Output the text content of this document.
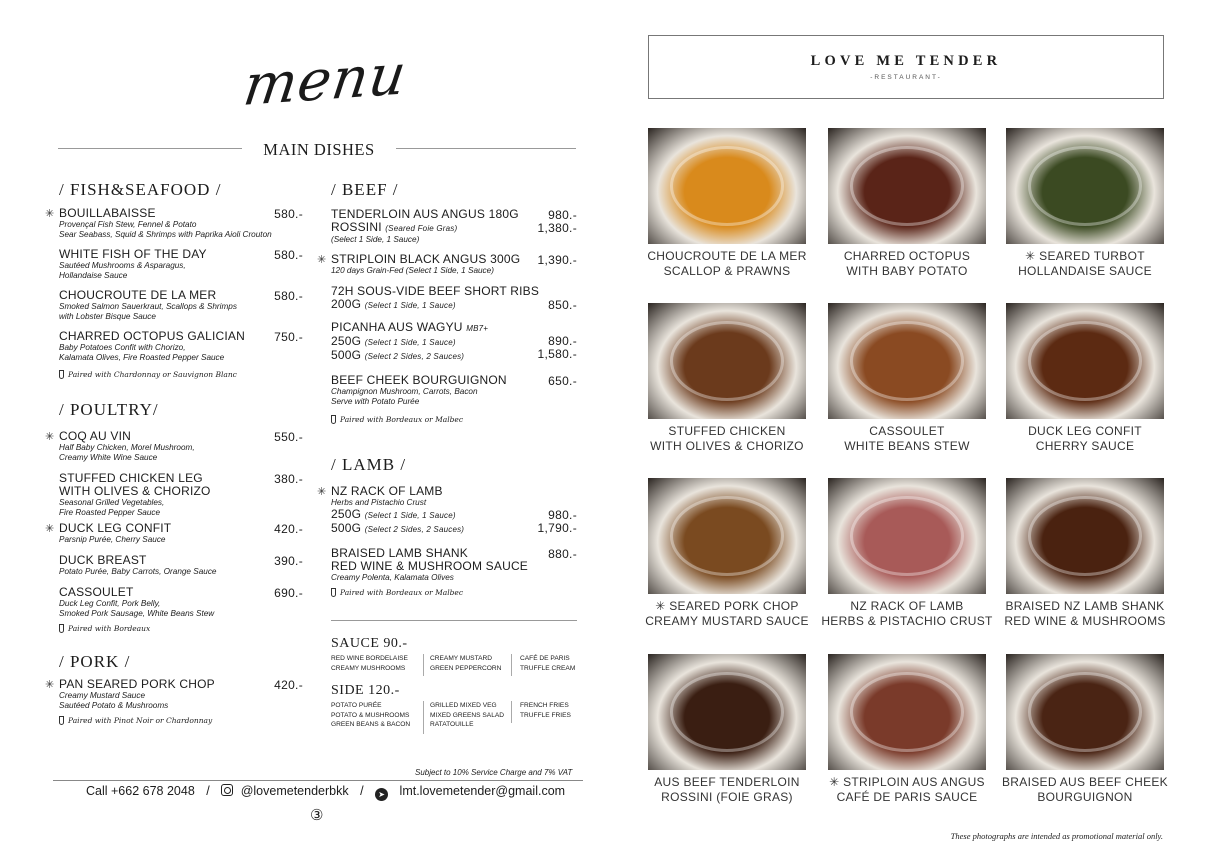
menu
MAIN DISHES
/ FISH&SEAFOOD /
✳ BOUILLABAISSE
Provençal Fish Stew, Fennel & Potato
Sear Seabass, Squid & Shrimps with Paprika Aioli Crouton
580.-
WHITE FISH OF THE DAY
Sautéed Mushrooms & Asparagus,
Hollandaise Sauce
580.-
CHOUCROUTE DE LA MER
Smoked Salmon Sauerkraut, Scallops & Shrimps
with Lobster Bisque Sauce
580.-
CHARRED OCTOPUS GALICIAN
Baby Potatoes Confit with Chorizo,
Kalamata Olives, Fire Roasted Pepper Sauce
750.-
Paired with Chardonnay or Sauvignon Blanc
/ POULTRY/
✳ COQ AU VIN
Half Baby Chicken, Morel Mushroom,
Creamy White Wine Sauce
550.-
STUFFED CHICKEN LEG
WITH OLIVES & CHORIZO
Seasonal Grilled Vegetables,
Fire Roasted Pepper Sauce
380.-
✳ DUCK LEG CONFIT
Parsnip Purée, Cherry Sauce
420.-
DUCK BREAST
Potato Purée, Baby Carrots, Orange Sauce
390.-
CASSOULET
Duck Leg Confit, Pork Belly,
Smoked Pork Sausage, White Beans Stew
690.-
Paired with Bordeaux
/ PORK /
✳ PAN SEARED PORK CHOP
Creamy Mustard Sauce
Sautéed Potato & Mushrooms
420.-
Paired with Pinot Noir or Chardonnay
/ BEEF /
TENDERLOIN AUS ANGUS 180G
ROSSINI (Seared Foie Gras)
(Select 1 Side, 1 Sauce)
980.-
1,380.-
✳ STRIPLOIN BLACK ANGUS 300G
120 days Grain-Fed (Select 1 Side, 1 Sauce)
1,390.-
72H SOUS-VIDE BEEF SHORT RIBS
200G (Select 1 Side, 1 Sauce)	850.-
PICANHA AUS WAGYU MB7+
250G (Select 1 Side, 1 Sauce)
500G (Select 2 Sides, 2 Sauces)
890.-
1,580.-
BEEF CHEEK BOURGUIGNON
Champignon Mushroom, Carrots, Bacon
Serve with Potato Purée
650.-
Paired with Bordeaux or Malbec
/ LAMB /
✳ NZ RACK OF LAMB
Herbs and Pistachio Crust
250G (Select 1 Side, 1 Sauce)
500G (Select 2 Sides, 2 Sauces)
980.-
1,790.-
BRAISED LAMB SHANK
RED WINE & MUSHROOM SAUCE
Creamy Polenta, Kalamata Olives
880.-
Paired with Bordeaux or Malbec
SAUCE 90.-
RED WINE BORDELAISE
CREAMY MUSHROOMS
CREAMY MUSTARD
GREEN PEPPERCORN
CAFÉ DE PARIS
TRUFFLE CREAM
SIDE 120.-
POTATO PURÉE
POTATO & MUSHROOMS
GREEN BEANS & BACON
GRILLED MIXED VEG
MIXED GREENS SALAD
RATATOUILLE
FRENCH FRIES
TRUFFLE FRIES
Subject to 10% Service Charge and 7% VAT
Call +662 678 2048 / @lovemetenderbkk / ➤ lmt.lovemetender@gmail.com
③
LOVE ME TENDER
-RESTAURANT-
CHOUCROUTE DE LA MER
SCALLOP & PRAWNS
CHARRED OCTOPUS
WITH BABY POTATO
✳ SEARED TURBOT
HOLLANDAISE SAUCE
STUFFED CHICKEN
WITH OLIVES & CHORIZO
CASSOULET
WHITE BEANS STEW
DUCK LEG CONFIT
CHERRY SAUCE
✳ SEARED PORK CHOP
CREAMY MUSTARD SAUCE
NZ RACK OF LAMB
HERBS & PISTACHIO CRUST
BRAISED NZ LAMB SHANK
RED WINE & MUSHROOMS
AUS BEEF TENDERLOIN
ROSSINI (FOIE GRAS)
✳ STRIPLOIN AUS ANGUS
CAFÉ DE PARIS SAUCE
BRAISED AUS BEEF CHEEK
BOURGUIGNON
These photographs are intended as promotional material only.
